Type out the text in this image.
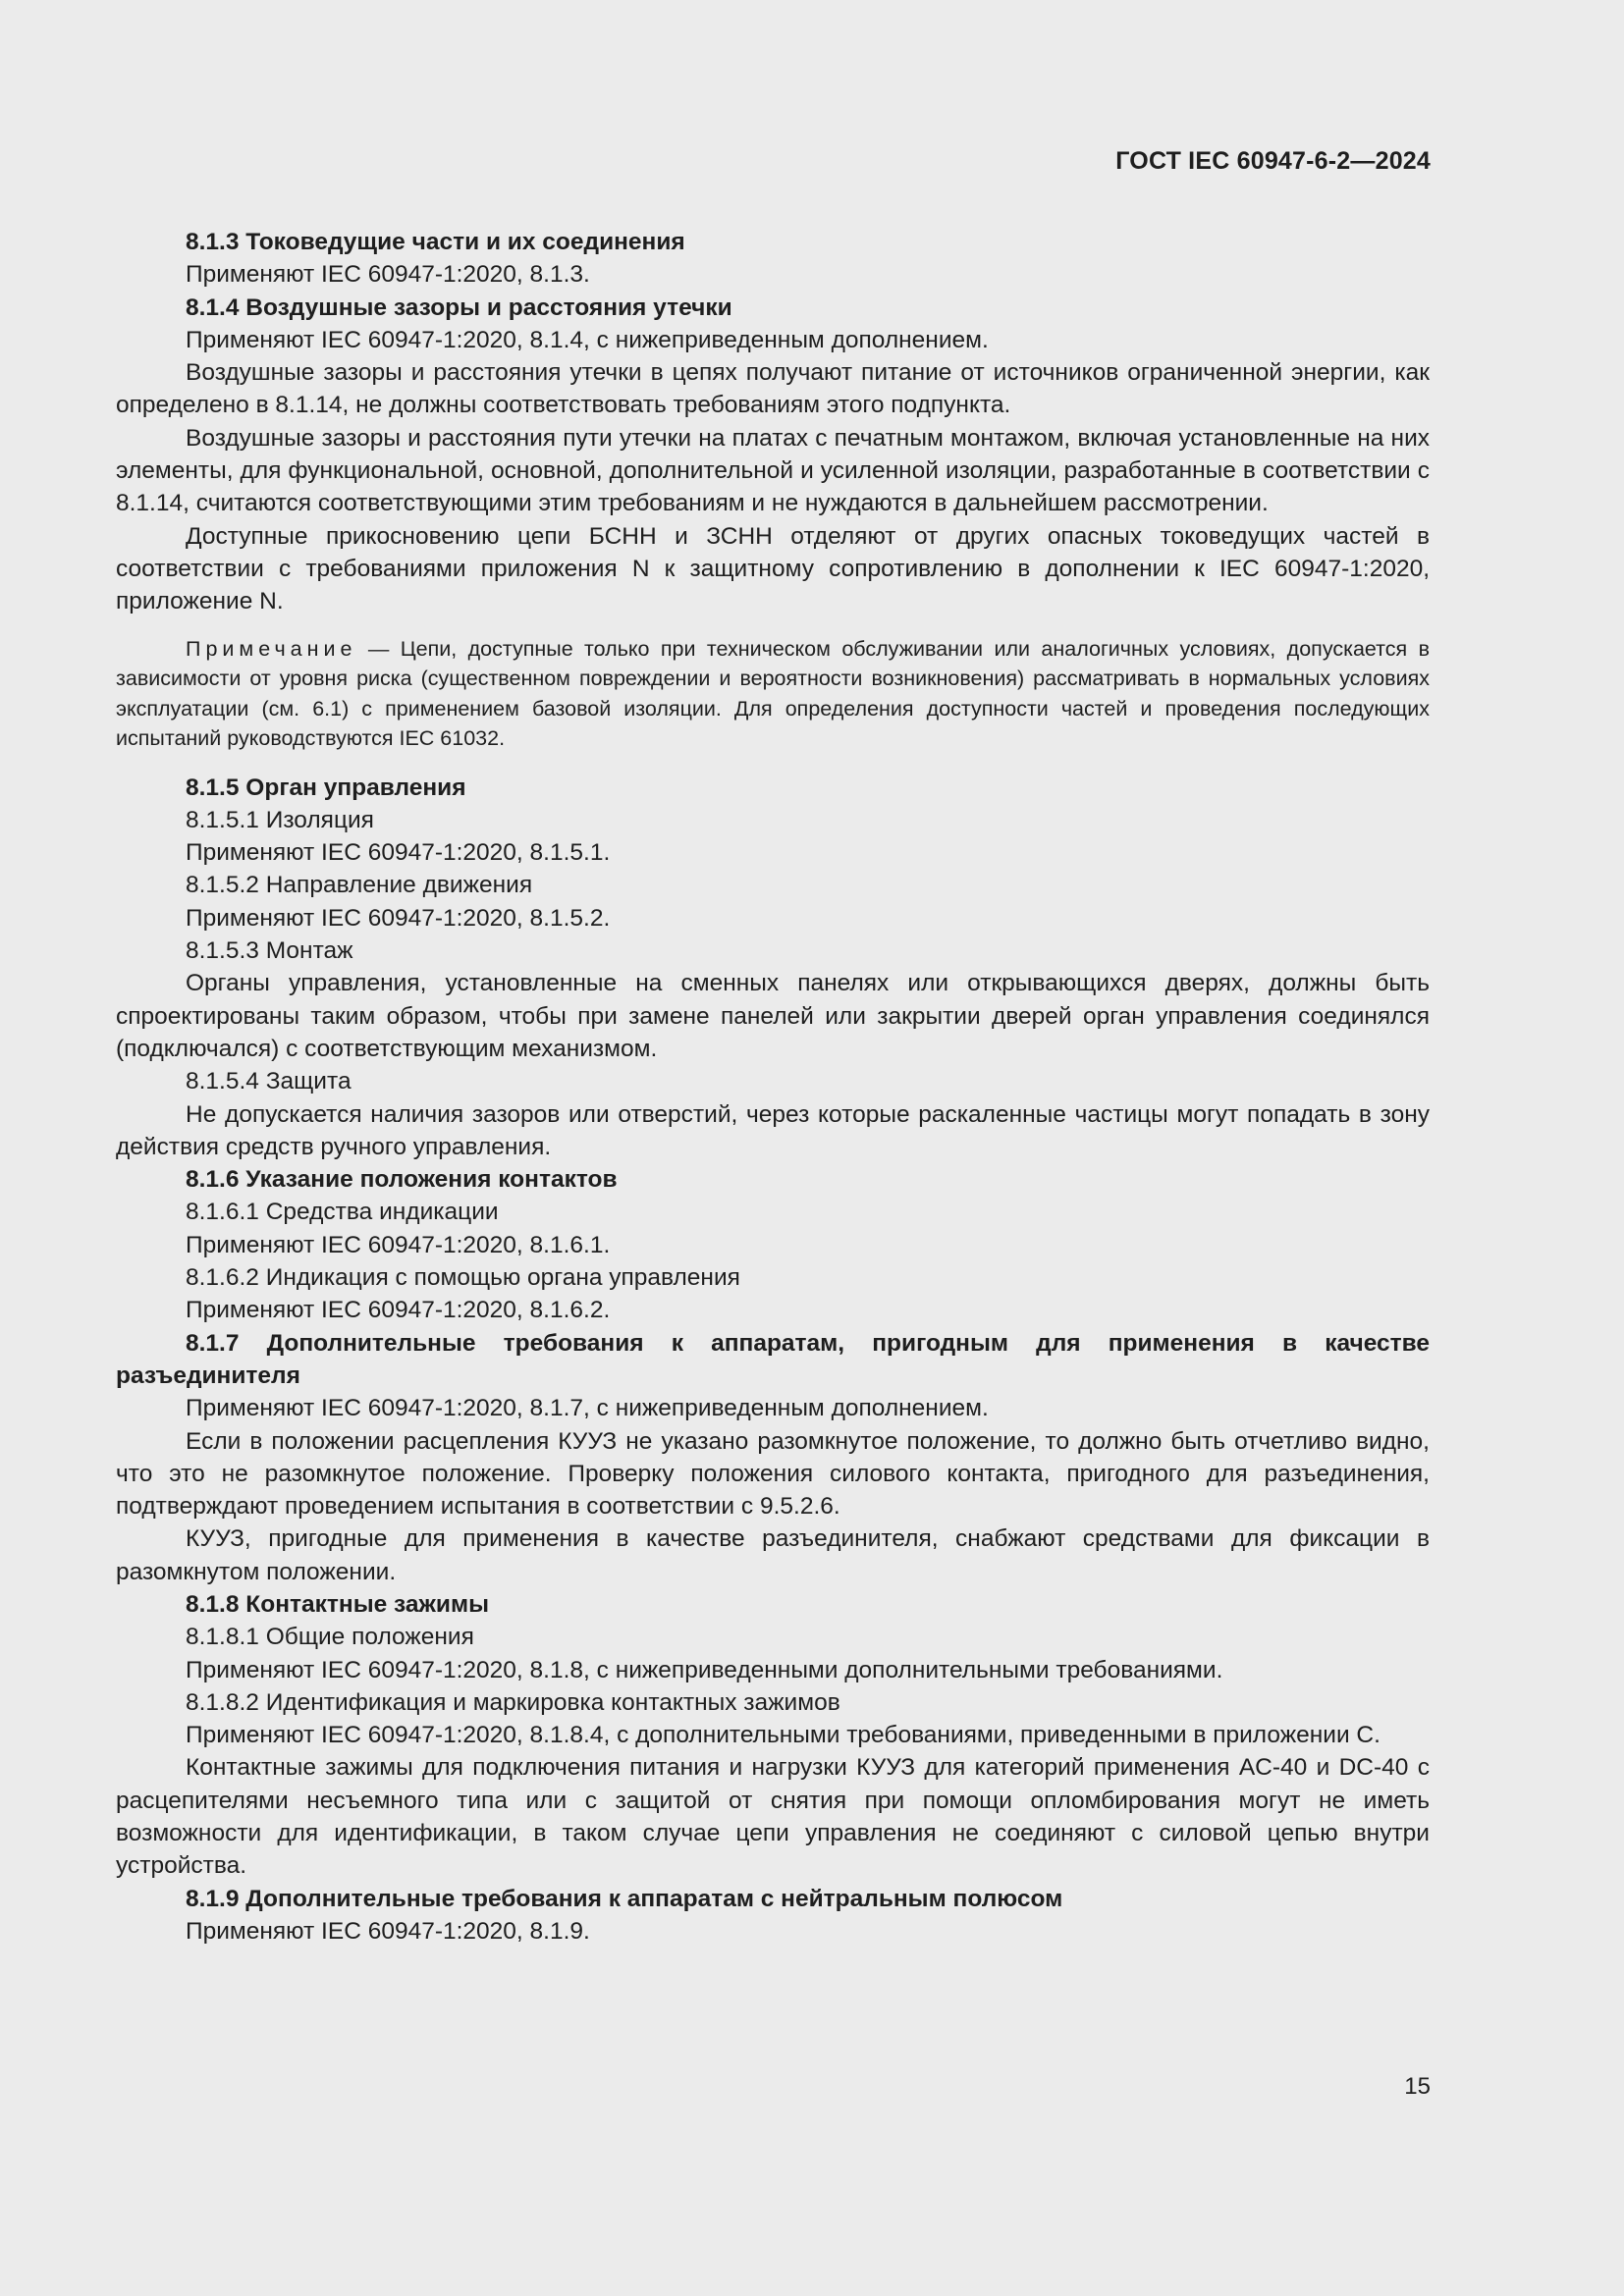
ГОСТ IEC 60947-6-2—2024

8.1.3 Токоведущие части и их соединения

Применяют IEC 60947-1:2020, 8.1.3.

8.1.4 Воздушные зазоры и расстояния утечки

Применяют IEC 60947-1:2020, 8.1.4, с нижеприведенным дополнением.

Воздушные зазоры и расстояния утечки в цепях получают питание от источников ограниченной энергии, как определено в 8.1.14, не должны соответствовать требованиям этого подпункта.

Воздушные зазоры и расстояния пути утечки на платах с печатным монтажом, включая установленные на них элементы, для функциональной, основной, дополнительной и усиленной изоляции, разработанные в соответствии с 8.1.14, считаются соответствующими этим требованиям и не нуждаются в дальнейшем рассмотрении.

Доступные прикосновению цепи БСНН и ЗСНН отделяют от других опасных токоведущих частей в соответствии с требованиями приложения N к защитному сопротивлению в дополнении к IEC 60947-1:2020, приложение N.

Примечание — Цепи, доступные только при техническом обслуживании или аналогичных условиях, допускается в зависимости от уровня риска (существенном повреждении и вероятности возникновения) рассматривать в нормальных условиях эксплуатации (см. 6.1) с применением базовой изоляции. Для определения доступности частей и проведения последующих испытаний руководствуются IEC 61032.

8.1.5 Орган управления

8.1.5.1 Изоляция

Применяют IEC 60947-1:2020, 8.1.5.1.

8.1.5.2 Направление движения

Применяют IEC 60947-1:2020, 8.1.5.2.

8.1.5.3 Монтаж

Органы управления, установленные на сменных панелях или открывающихся дверях, должны быть спроектированы таким образом, чтобы при замене панелей или закрытии дверей орган управления соединялся (подключался) с соответствующим механизмом.

8.1.5.4 Защита

Не допускается наличия зазоров или отверстий, через которые раскаленные частицы могут попадать в зону действия средств ручного управления.

8.1.6 Указание положения контактов

8.1.6.1 Средства индикации

Применяют IEC 60947-1:2020, 8.1.6.1.

8.1.6.2 Индикация с помощью органа управления

Применяют IEC 60947-1:2020, 8.1.6.2.

8.1.7 Дополнительные требования к аппаратам, пригодным для применения в качестве разъединителя

Применяют IEC 60947-1:2020, 8.1.7, с нижеприведенным дополнением.

Если в положении расцепления КУУЗ не указано разомкнутое положение, то должно быть отчетливо видно, что это не разомкнутое положение. Проверку положения силового контакта, пригодного для разъединения, подтверждают проведением испытания в соответствии с 9.5.2.6.

КУУЗ, пригодные для применения в качестве разъединителя, снабжают средствами для фиксации в разомкнутом положении.

8.1.8 Контактные зажимы

8.1.8.1 Общие положения

Применяют IEC 60947-1:2020, 8.1.8, с нижеприведенными дополнительными требованиями.

8.1.8.2 Идентификация и маркировка контактных зажимов

Применяют IEC 60947-1:2020, 8.1.8.4, с дополнительными требованиями, приведенными в приложении C.

Контактные зажимы для подключения питания и нагрузки КУУЗ для категорий применения AC-40 и DC-40 с расцепителями несъемного типа или с защитой от снятия при помощи опломбирования могут не иметь возможности для идентификации, в таком случае цепи управления не соединяют с силовой цепью внутри устройства.

8.1.9 Дополнительные требования к аппаратам с нейтральным полюсом

Применяют IEC 60947-1:2020, 8.1.9.

15
